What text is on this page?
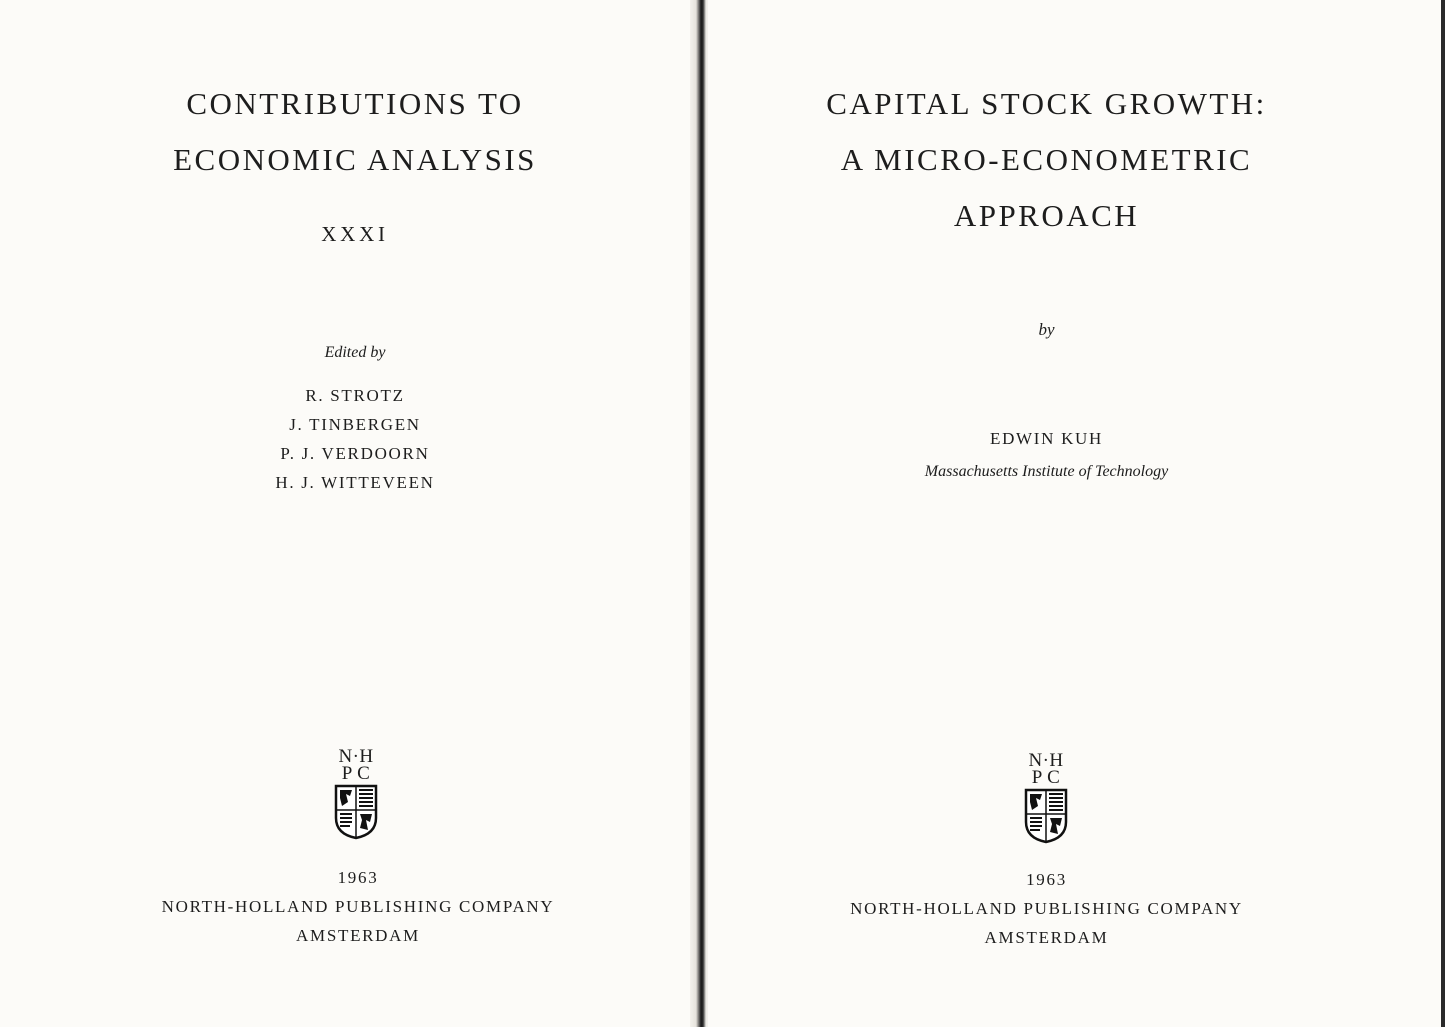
CONTRIBUTIONS TO
ECONOMIC ANALYSIS
XXXI
Edited by
R. STROTZ
J. TINBERGEN
P. J. VERDOORN
H. J. WITTEVEEN
N·H
P C
1963
NORTH-HOLLAND PUBLISHING COMPANY
AMSTERDAM
CAPITAL STOCK GROWTH:
A MICRO-ECONOMETRIC
APPROACH
by
EDWIN KUH
Massachusetts Institute of Technology
N·H
P C
1963
NORTH-HOLLAND PUBLISHING COMPANY
AMSTERDAM
